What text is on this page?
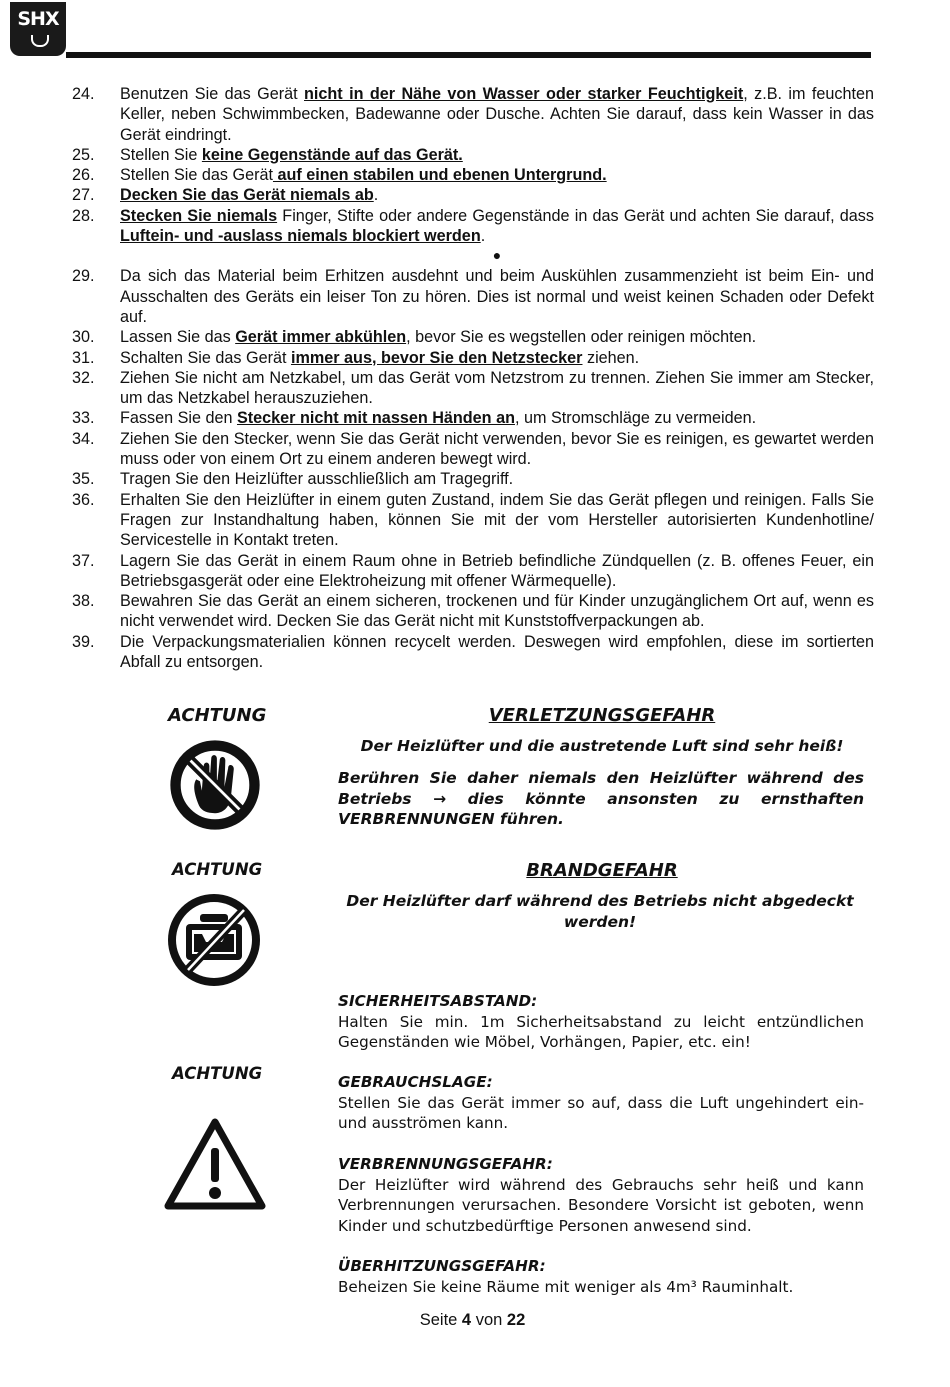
SHX
24.	Benutzen Sie das Gerät nicht in der Nähe von Wasser oder starker Feuchtigkeit, z.B. im feuchten Keller, neben Schwimmbecken, Badewanne oder Dusche. Achten Sie darauf, dass kein Wasser in das Gerät eindringt.
25.	Stellen Sie keine Gegenstände auf das Gerät.
26.	Stellen Sie das Gerät auf einen stabilen und ebenen Untergrund.
27.	Decken Sie das Gerät niemals ab.
28.	Stecken Sie niemals Finger, Stifte oder andere Gegenstände in das Gerät und achten Sie darauf, dass Luftein- und -auslass niemals blockiert werden.
●
29.	Da sich das Material beim Erhitzen ausdehnt und beim Auskühlen zusammenzieht ist beim Ein- und Ausschalten des Geräts ein leiser Ton zu hören. Dies ist normal und weist keinen Schaden oder Defekt auf.
30.	Lassen Sie das Gerät immer abkühlen, bevor Sie es wegstellen oder reinigen möchten.
31.	Schalten Sie das Gerät immer aus, bevor Sie den Netzstecker ziehen.
32.	Ziehen Sie nicht am Netzkabel, um das Gerät vom Netzstrom zu trennen. Ziehen Sie immer am Stecker, um das Netzkabel herauszuziehen.
33.	Fassen Sie den Stecker nicht mit nassen Händen an, um Stromschläge zu vermeiden.
34.	Ziehen Sie den Stecker, wenn Sie das Gerät nicht verwenden, bevor Sie es reinigen, es gewartet werden muss oder von einem Ort zu einem anderen bewegt wird.
35.	Tragen Sie den Heizlüfter ausschließlich am Tragegriff.
36.	Erhalten Sie den Heizlüfter in einem guten Zustand, indem Sie das Gerät pflegen und reinigen. Falls Sie Fragen zur Instandhaltung haben, können Sie mit der vom Hersteller autorisierten Kundenhotline/ Servicestelle in Kontakt treten.
37.	Lagern Sie das Gerät in einem Raum ohne in Betrieb befindliche Zündquellen (z. B. offenes Feuer, ein Betriebsgasgerät oder eine Elektroheizung mit offener Wärmequelle).
38.	Bewahren Sie das Gerät an einem sicheren, trockenen und für Kinder unzugänglichem Ort auf, wenn es nicht verwendet wird. Decken Sie das Gerät nicht mit Kunststoffverpackungen ab.
39.	Die Verpackungsmaterialien können recycelt werden. Deswegen wird empfohlen, diese im sortierten Abfall zu entsorgen.
ACHTUNG	VERLETZUNGSGEFAHR
Der Heizlüfter und die austretende Luft sind sehr heiß!
Berühren Sie daher niemals den Heizlüfter während des Betriebs → dies könnte ansonsten zu ernsthaften VERBRENNUNGEN führen.
ACHTUNG	BRANDGEFAHR
Der Heizlüfter darf während des Betriebs nicht abgedeckt werden!
ACHTUNG
SICHERHEITSABSTAND:
Halten Sie min. 1m Sicherheitsabstand zu leicht entzündlichen Gegenständen wie Möbel, Vorhängen, Papier, etc. ein!
GEBRAUCHSLAGE:
Stellen Sie das Gerät immer so auf, dass die Luft ungehindert ein- und ausströmen kann.
VERBRENNUNGSGEFAHR:
Der Heizlüfter wird während des Gebrauchs sehr heiß und kann Verbrennungen verursachen. Besondere Vorsicht ist geboten, wenn Kinder und schutzbedürftige Personen anwesend sind.
ÜBERHITZUNGSGEFAHR:
Beheizen Sie keine Räume mit weniger als 4m³ Rauminhalt.
Seite 4 von 22
